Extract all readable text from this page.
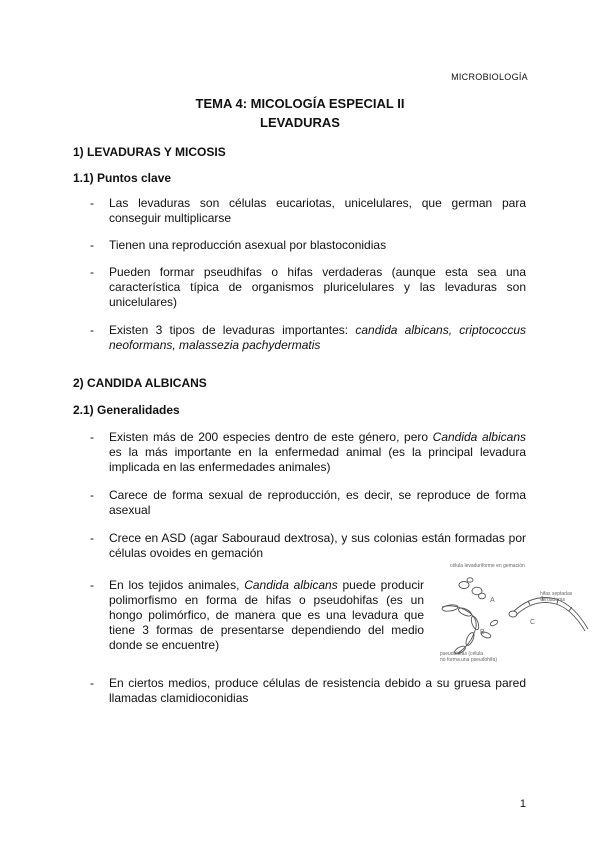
MICROBIOLOGÍA
TEMA 4: MICOLOGÍA ESPECIAL II
LEVADURAS
1) LEVADURAS Y MICOSIS
1.1) Puntos clave
- Las levaduras son células eucariotas, unicelulares, que german para conseguir multiplicarse
- Tienen una reproducción asexual por blastoconidias
- Pueden formar pseudhifas o hifas verdaderas (aunque esta sea una característica típica de organismos pluricelulares y las levaduras son unicelulares)
- Existen 3 tipos de levaduras importantes: candida albicans, criptococcus neoformans, malassezia pachydermatis
2) CANDIDA ALBICANS
2.1) Generalidades
- Existen más de 200 especies dentro de este género, pero Candida albicans es la más importante en la enfermedad animal (es la principal levadura implicada en las enfermedades animales)
- Carece de forma sexual de reproducción, es decir, se reproduce de forma asexual
- Crece en ASD (agar Sabouraud dextrosa), y sus colonias están formadas por células ovoides en gemación
- En los tejidos animales, Candida albicans puede producir polimorfismo en forma de hifas o pseudohifas (es un hongo polimórfico, de manera que es una levadura que tiene 3 formas de presentarse dependiendo del medio donde se encuentre)
- En ciertos medios, produce células de resistencia debido a su gruesa pared llamadas clamidioconidias
célula levaduriforme en gemación
hifas septadas
verdaderas
pseudohifas (célula
no forma una pseudohifa)
A
B
C
1
